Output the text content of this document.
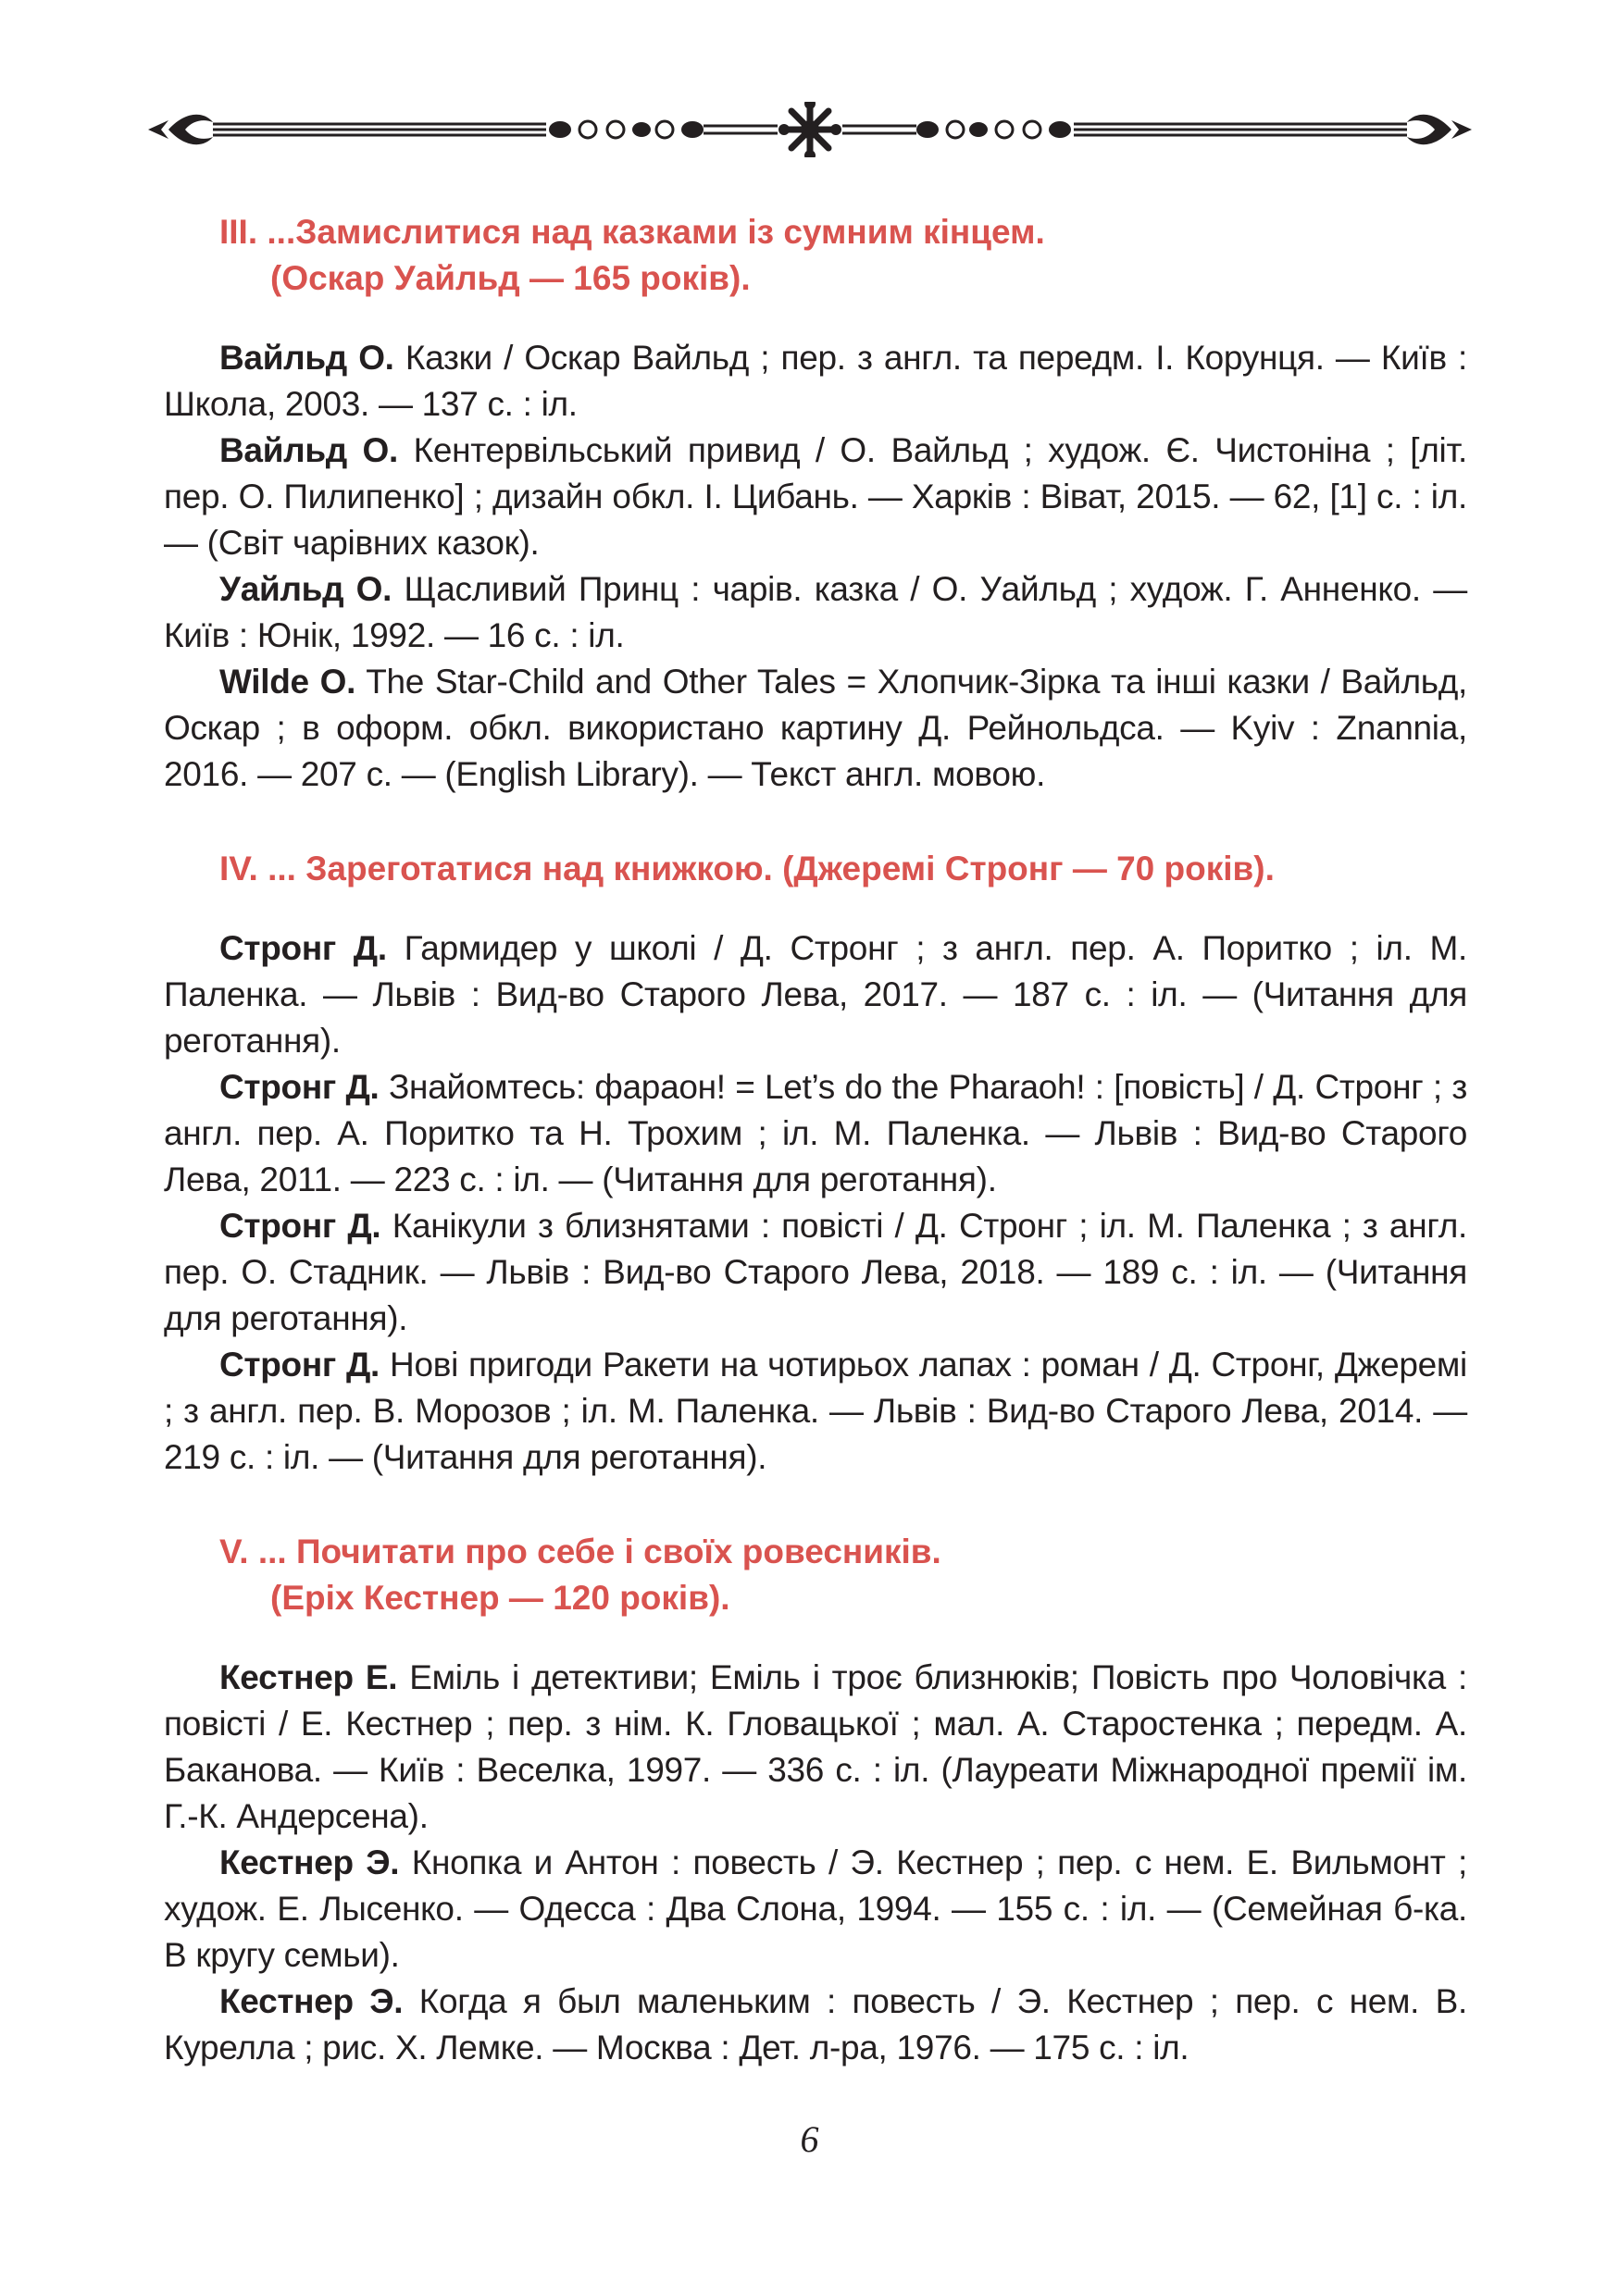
III. ...Замислитися над казками із сумним кінцем.
(Оскар Уайльд — 165 років).

Вайльд О. Казки / Оскар Вайльд ; пер. з англ. та передм. І. Корунця. — Київ : Школа, 2003. — 137 с. : іл.

Вайльд О. Кентервільський привид / О. Вайльд ; худож. Є. Чистоніна ; [літ. пер. О. Пилипенко] ; дизайн обкл. І. Цибань. — Харків : Віват, 2015. — 62, [1] с. : іл. — (Світ чарівних казок).

Уайльд О. Щасливий Принц : чарів. казка / О. Уайльд ; худож. Г. Анненко. — Київ : Юнік, 1992. — 16 с. : іл.

Wilde O. The Star-Child and Other Tales = Хлопчик-Зірка та інші казки / Вайльд, Оскар ; в оформ. обкл. використано картину Д. Рейнольдса. — Kyiv : Znannia, 2016. — 207 с. — (English Library). — Текст англ. мовою.

IV. ... Зареготатися над книжкою. (Джеремі Стронг — 70 років).

Стронг Д. Гармидер у школі / Д. Стронг ; з англ. пер. А. Поритко ; іл. М. Паленка. — Львів : Вид-во Старого Лева, 2017. — 187 с. : іл. — (Читання для реготання).

Стронг Д. Знайомтесь: фараон! = Let’s do the Pharaoh! : [повість] / Д. Стронг ; з англ. пер. А. Поритко та Н. Трохим ; іл. М. Паленка. — Львів : Вид-во Старого Лева, 2011. — 223 с. : іл. — (Читання для реготання).

Стронг Д. Канікули з близнятами : повісті / Д. Стронг ; іл. М. Паленка ; з англ. пер. О. Стадник. — Львів : Вид-во Старого Лева, 2018. — 189 с. : іл. — (Читання для реготання).

Стронг Д. Нові пригоди Ракети на чотирьох лапах : роман / Д. Стронг, Джеремі ; з англ. пер. В. Морозов ; іл. М. Паленка. — Львів : Вид-во Старого Лева, 2014. — 219 с. : іл. — (Читання для реготання).

V. ... Почитати про себе і своїх ровесників.
(Еріх Кестнер — 120 років).

Кестнер Е. Еміль і детективи; Еміль і троє близнюків; Повість про Чоловічка : повісті / Е. Кестнер ; пер. з нім. К. Гловацької ; мал. А. Старостенка ; передм. А. Баканова. — Київ : Веселка, 1997. — 336 с. : іл. (Лауреати Міжнародної премії ім. Г.-К. Андерсена).

Кестнер Э. Кнопка и Антон : повесть / Э. Кестнер ; пер. с нем. Е. Вильмонт ; худож. Е. Лысенко. — Одесса : Два Слона, 1994. — 155 с. : іл. — (Семейная б-ка. В кругу семьи).

Кестнер Э. Когда я был маленьким : повесть / Э. Кестнер ; пер. с нем. В. Курелла ; рис. Х. Лемке. — Москва : Дет. л-ра, 1976. — 175 с. : іл.

6
